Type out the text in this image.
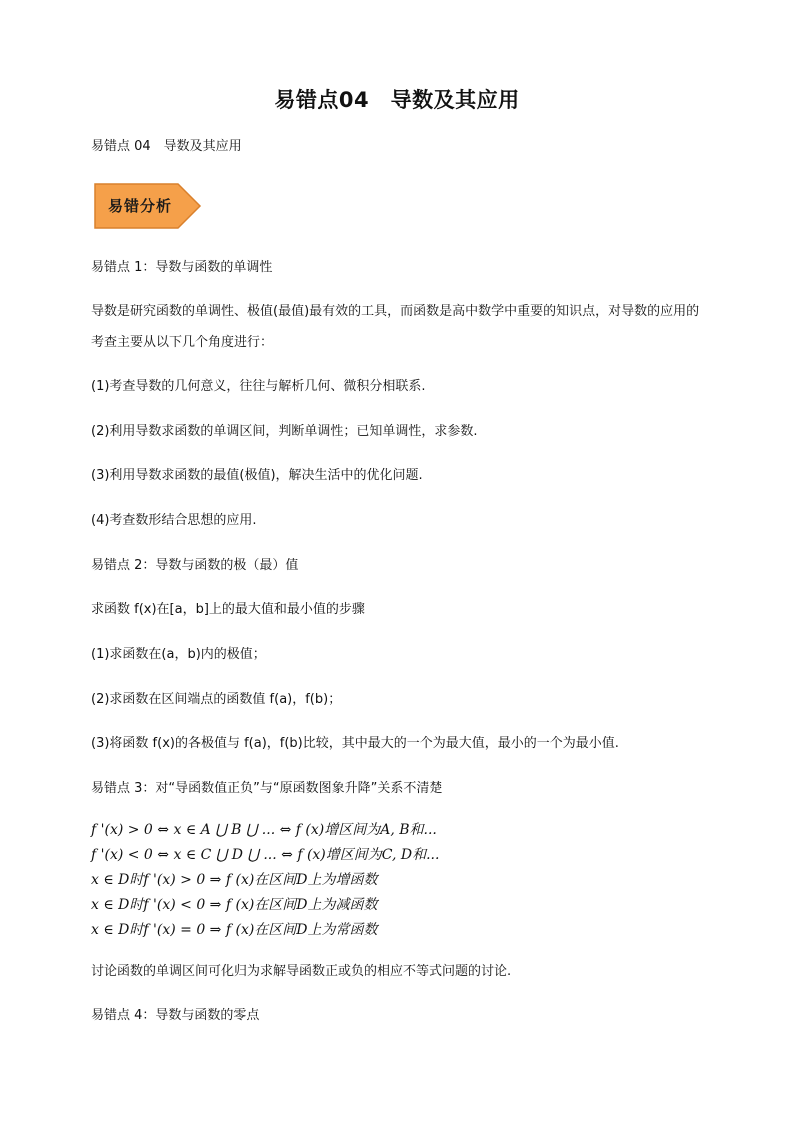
易错点04　导数及其应用
易错点 04　导数及其应用
易错分析
易错点 1：导数与函数的单调性
导数是研究函数的单调性、极值(最值)最有效的工具，而函数是高中数学中重要的知识点，对导数的应用的考查主要从以下几个角度进行：
(1)考查导数的几何意义，往往与解析几何、微积分相联系.
(2)利用导数求函数的单调区间，判断单调性；已知单调性，求参数.
(3)利用导数求函数的最值(极值)，解决生活中的优化问题.
(4)考查数形结合思想的应用.
易错点 2：导数与函数的极（最）值
求函数 f(x)在[a，b]上的最大值和最小值的步骤
(1)求函数在(a，b)内的极值；
(2)求函数在区间端点的函数值 f(a)，f(b)；
(3)将函数 f(x)的各极值与 f(a)，f(b)比较，其中最大的一个为最大值，最小的一个为最小值.
易错点 3：对“导函数值正负”与“原函数图象升降”关系不清楚
f '(x) > 0 ⇔ x ∈ A ⋃ B ⋃ ... ⇔ f (x)增区间为A, B和...
f '(x) < 0 ⇔ x ∈ C ⋃ D ⋃ ... ⇔ f (x)增区间为C, D和...
x ∈ D时f '(x) > 0 ⇒ f (x)在区间D上为增函数
x ∈ D时f '(x) < 0 ⇒ f (x)在区间D上为减函数
x ∈ D时f '(x) = 0 ⇒ f (x)在区间D上为常函数
讨论函数的单调区间可化归为求解导函数正或负的相应不等式问题的讨论.
易错点 4：导数与函数的零点
